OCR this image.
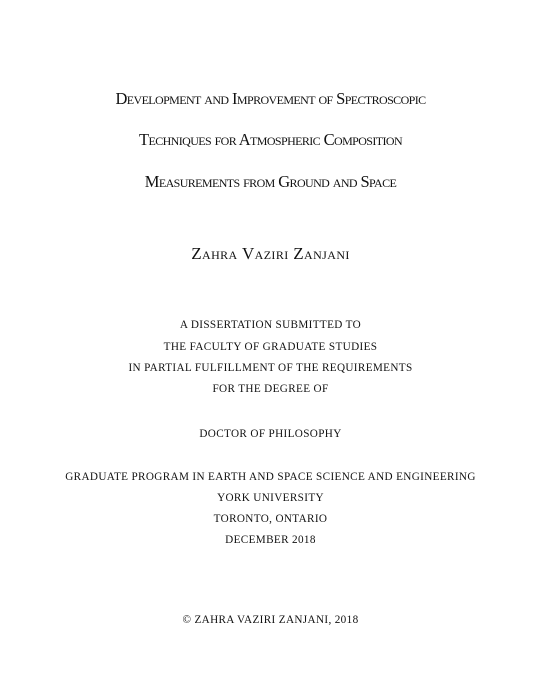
Development and Improvement of Spectroscopic
Techniques for Atmospheric Composition
Measurements from Ground and Space
Zahra Vaziri Zanjani
A DISSERTATION SUBMITTED TO
THE FACULTY OF GRADUATE STUDIES
IN PARTIAL FULFILLMENT OF THE REQUIREMENTS
FOR THE DEGREE OF
DOCTOR OF PHILOSOPHY
GRADUATE PROGRAM IN EARTH AND SPACE SCIENCE AND ENGINEERING
YORK UNIVERSITY
TORONTO, ONTARIO
DECEMBER 2018
© ZAHRA VAZIRI ZANJANI, 2018
